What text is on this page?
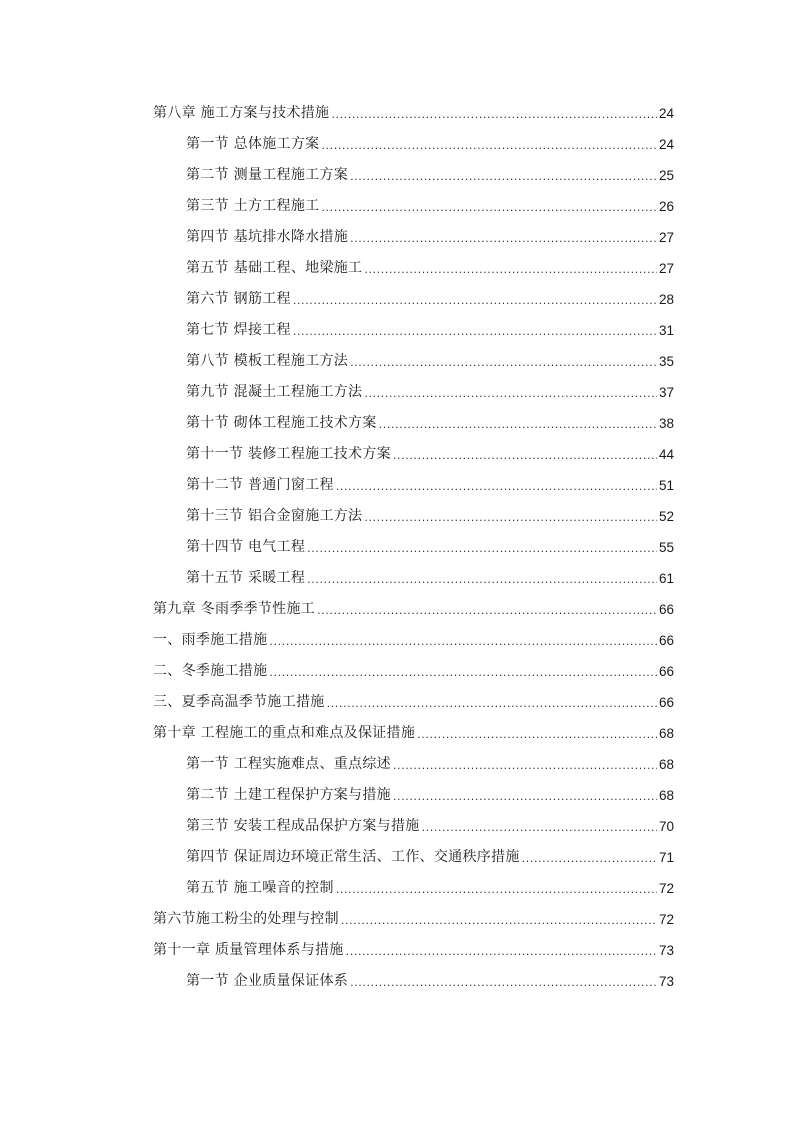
第八章 施工方案与技术措施 .....	24
第一节 总体施工方案 .....	24
第二节 测量工程施工方案 .....	25
第三节 土方工程施工 .....	26
第四节 基坑排水降水措施 .....	27
第五节 基础工程、地梁施工 .....	27
第六节 钢筋工程 .....	28
第七节 焊接工程 .....	31
第八节 模板工程施工方法 .....	35
第九节 混凝土工程施工方法 .....	37
第十节 砌体工程施工技术方案 .....	38
第十一节 装修工程施工技术方案 .....	44
第十二节 普通门窗工程 .....	51
第十三节 铝合金窗施工方法 .....	52
第十四节 电气工程 .....	55
第十五节 采暖工程 .....	61
第九章 冬雨季季节性施工 .....	66
一、雨季施工措施 .....	66
二、冬季施工措施 .....	66
三、夏季高温季节施工措施 .....	66
第十章 工程施工的重点和难点及保证措施 .....	68
第一节 工程实施难点、重点综述 .....	68
第二节 土建工程保护方案与措施 .....	68
第三节 安装工程成品保护方案与措施 .....	70
第四节 保证周边环境正常生活、工作、交通秩序措施 .....	71
第五节 施工噪音的控制 .....	72
第六节施工粉尘的处理与控制 .....	72
第十一章 质量管理体系与措施 .....	73
第一节 企业质量保证体系 .....	73
